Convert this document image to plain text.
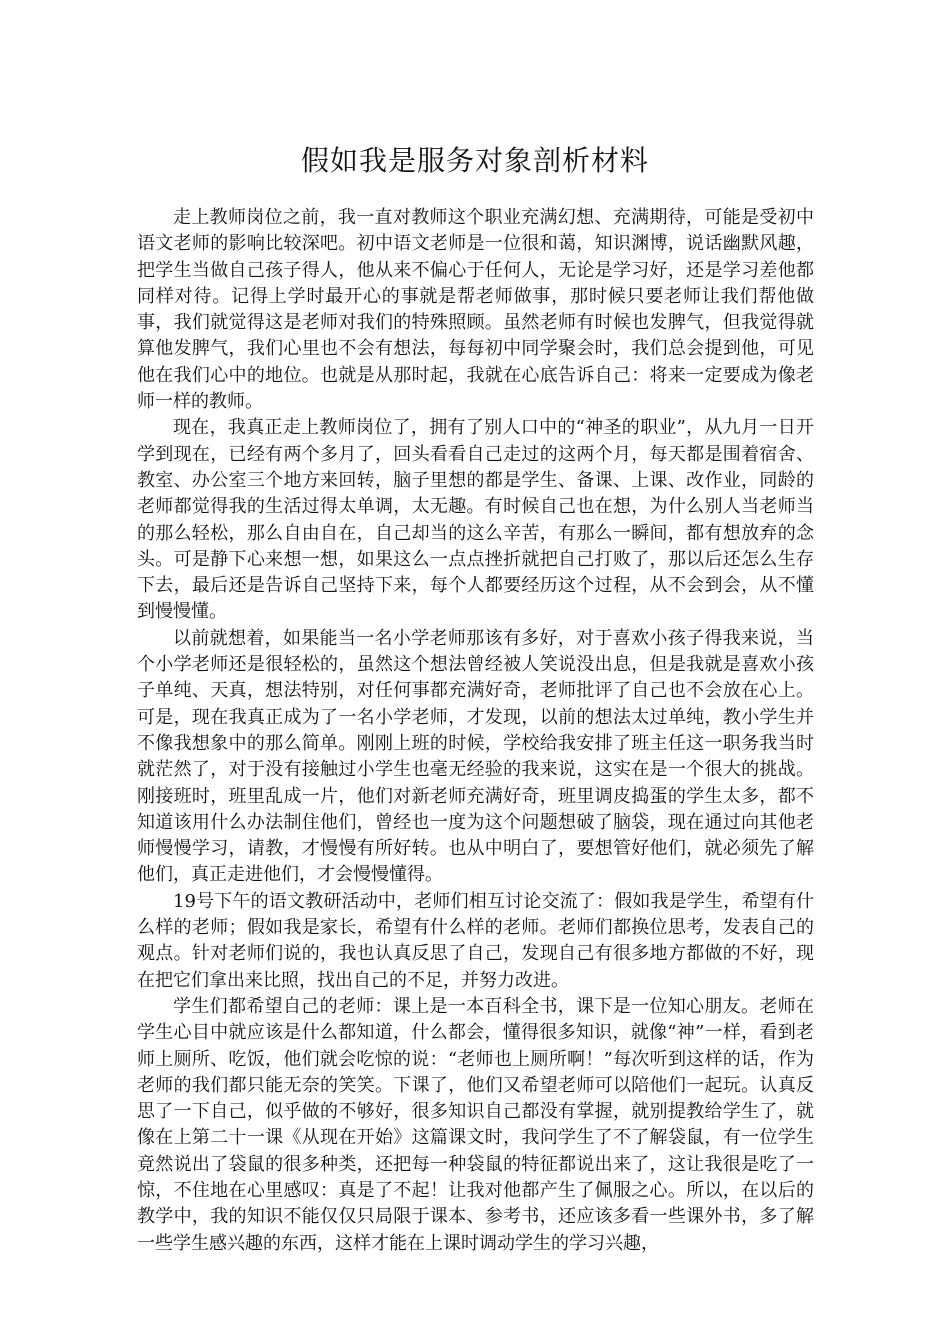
假如我是服务对象剖析材料

走上教师岗位之前，我一直对教师这个职业充满幻想、充满期待，可能是受初中语文老师的影响比较深吧。初中语文老师是一位很和蔼，知识渊博，说话幽默风趣，把学生当做自己孩子得人，他从来不偏心于任何人，无论是学习好，还是学习差他都同样对待。记得上学时最开心的事就是帮老师做事，那时候只要老师让我们帮他做事，我们就觉得这是老师对我们的特殊照顾。虽然老师有时候也发脾气，但我觉得就算他发脾气，我们心里也不会有想法，每每初中同学聚会时，我们总会提到他，可见他在我们心中的地位。也就是从那时起，我就在心底告诉自己：将来一定要成为像老师一样的教师。

现在，我真正走上教师岗位了，拥有了别人口中的“神圣的职业”，从九月一日开学到现在，已经有两个多月了，回头看看自己走过的这两个月，每天都是围着宿舍、教室、办公室三个地方来回转，脑子里想的都是学生、备课、上课、改作业，同龄的老师都觉得我的生活过得太单调，太无趣。有时候自己也在想，为什么别人当老师当的那么轻松，那么自由自在，自己却当的这么辛苦，有那么一瞬间，都有想放弃的念头。可是静下心来想一想，如果这么一点点挫折就把自己打败了，那以后还怎么生存下去，最后还是告诉自己坚持下来，每个人都要经历这个过程，从不会到会，从不懂到慢慢懂。

以前就想着，如果能当一名小学老师那该有多好，对于喜欢小孩子得我来说，当个小学老师还是很轻松的，虽然这个想法曾经被人笑说没出息，但是我就是喜欢小孩子单纯、天真，想法特别，对任何事都充满好奇，老师批评了自己也不会放在心上。可是，现在我真正成为了一名小学老师，才发现，以前的想法太过单纯，教小学生并不像我想象中的那么简单。刚刚上班的时候，学校给我安排了班主任这一职务我当时就茫然了，对于没有接触过小学生也毫无经验的我来说，这实在是一个很大的挑战。刚接班时，班里乱成一片，他们对新老师充满好奇，班里调皮捣蛋的学生太多，都不知道该用什么办法制住他们，曾经也一度为这个问题想破了脑袋，现在通过向其他老师慢慢学习，请教，才慢慢有所好转。也从中明白了，要想管好他们，就必须先了解他们，真正走进他们，才会慢慢懂得。

19号下午的语文教研活动中，老师们相互讨论交流了：假如我是学生，希望有什么样的老师；假如我是家长，希望有什么样的老师。老师们都换位思考，发表自己的观点。针对老师们说的，我也认真反思了自己，发现自己有很多地方都做的不好，现在把它们拿出来比照，找出自己的不足，并努力改进。

学生们都希望自己的老师：课上是一本百科全书，课下是一位知心朋友。老师在学生心目中就应该是什么都知道，什么都会，懂得很多知识，就像“神”一样，看到老师上厕所、吃饭，他们就会吃惊的说：“老师也上厕所啊！”每次听到这样的话，作为老师的我们都只能无奈的笑笑。下课了，他们又希望老师可以陪他们一起玩。认真反思了一下自己，似乎做的不够好，很多知识自己都没有掌握，就别提教给学生了，就像在上第二十一课《从现在开始》这篇课文时，我问学生了不了解袋鼠，有一位学生竟然说出了袋鼠的很多种类，还把每一种袋鼠的特征都说出来了，这让我很是吃了一惊，不住地在心里感叹：真是了不起！让我对他都产生了佩服之心。所以，在以后的教学中，我的知识不能仅仅只局限于课本、参考书，还应该多看一些课外书，多了解一些学生感兴趣的东西，这样才能在上课时调动学生的学习兴趣，
